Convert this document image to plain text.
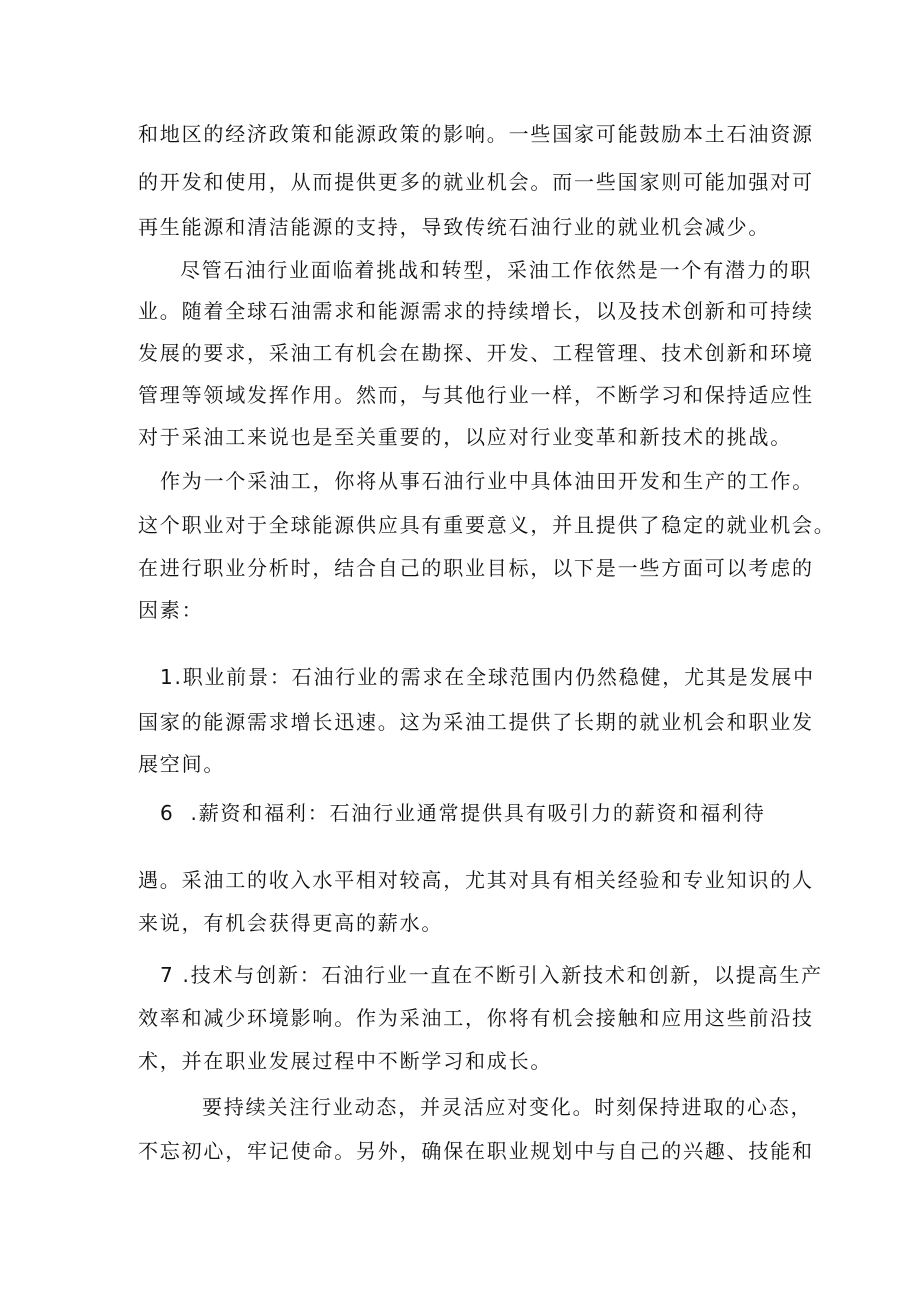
和地区的经济政策和能源政策的影响。一些国家可能鼓励本土石油资源
的开发和使用，从而提供更多的就业机会。而一些国家则可能加强对可
再生能源和清洁能源的支持，导致传统石油行业的就业机会减少。
尽管石油行业面临着挑战和转型，采油工作依然是一个有潜力的职
业。随着全球石油需求和能源需求的持续增长，以及技术创新和可持续
发展的要求，采油工有机会在勘探、开发、工程管理、技术创新和环境
管理等领域发挥作用。然而，与其他行业一样，不断学习和保持适应性
对于采油工来说也是至关重要的，以应对行业变革和新技术的挑战。
作为一个采油工，你将从事石油行业中具体油田开发和生产的工作。
这个职业对于全球能源供应具有重要意义，并且提供了稳定的就业机会。
在进行职业分析时，结合自己的职业目标，以下是一些方面可以考虑的
因素：
1.职业前景：石油行业的需求在全球范围内仍然稳健，尤其是发展中
国家的能源需求增长迅速。这为采油工提供了长期的就业机会和职业发
展空间。
6 .薪资和福利：石油行业通常提供具有吸引力的薪资和福利待
遇。采油工的收入水平相对较高，尤其对具有相关经验和专业知识的人
来说，有机会获得更高的薪水。
7 .技术与创新：石油行业一直在不断引入新技术和创新，以提高生产
效率和减少环境影响。作为采油工，你将有机会接触和应用这些前沿技
术，并在职业发展过程中不断学习和成长。
要持续关注行业动态，并灵活应对变化。时刻保持进取的心态，
不忘初心，牢记使命。另外，确保在职业规划中与自己的兴趣、技能和
